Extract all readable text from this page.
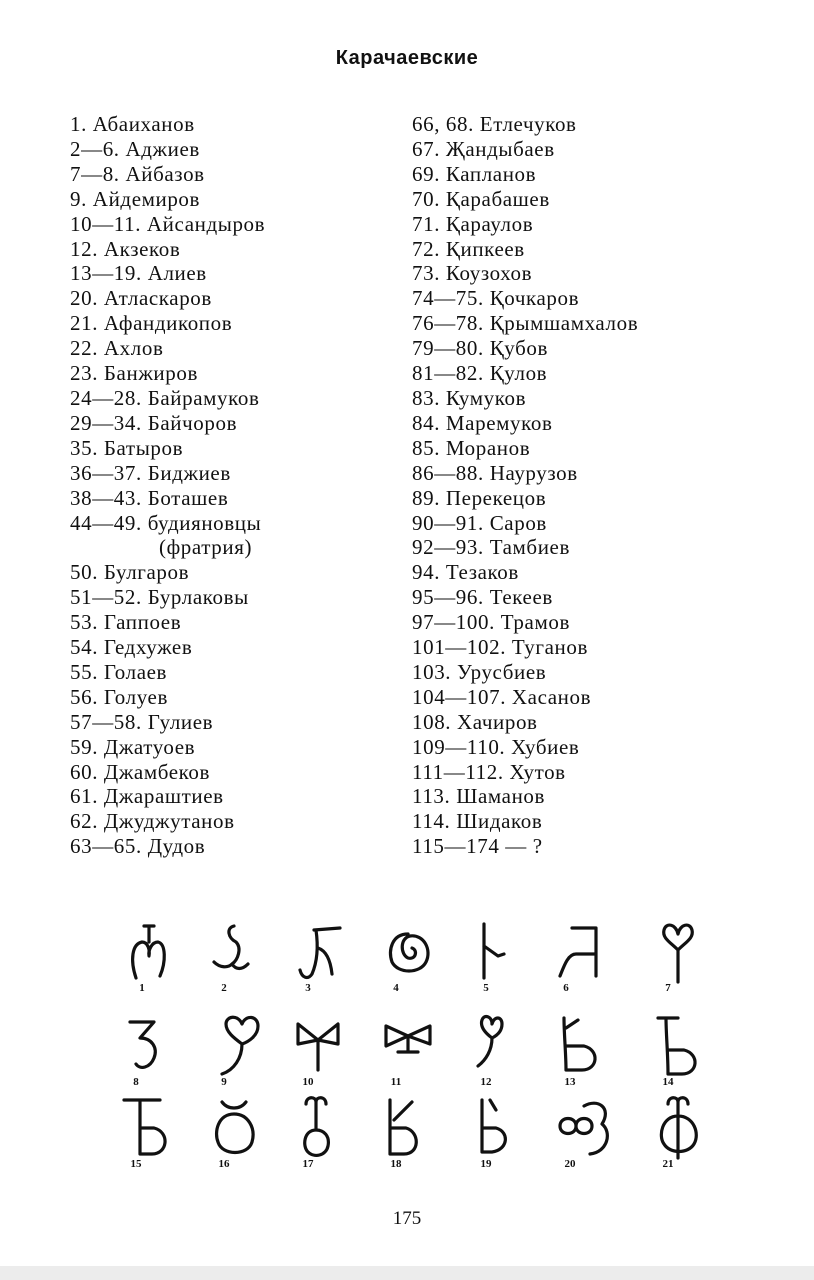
Карачаевские
1. Абаиханов
2—6. Аджиев
7—8. Айбазов
9. Айдемиров
10—11. Айсандыров
12. Акзеков
13—19. Алиев
20. Атласкаров
21. Афандикопов
22. Ахлов
23. Банжиров
24—28. Байрамуков
29—34. Байчоров
35. Батыров
36—37. Биджиев
38—43. Боташев
44—49. будияновцы
(фратрия)
50. Булгаров
51—52. Бурлаковы
53. Гаппоев
54. Гедхужев
55. Голаев
56. Голуев
57—58. Гулиев
59. Джатуоев
60. Джамбеков
61. Джараштиев
62. Джуджутанов
63—65. Дудов
66, 68. Етлечуков
67. Җандыбаев
69. Капланов
70. Қарабашев
71. Қараулов
72. Қипкеев
73. Коузохов
74—75. Қочкаров
76—78. Қрымшамхалов
79—80. Қубов
81—82. Қулов
83. Кумуков
84. Маремуков
85. Моранов
86—88. Наурузов
89. Перекецов
90—91. Саров
92—93. Тамбиев
94. Тезаков
95—96. Текеев
97—100. Трамов
101—102. Туганов
103. Урусбиев
104—107. Хасанов
108. Хачиров
109—110. Хубиев
111—112. Хутов
113. Шаманов
114. Шидаков
115—174 — ?
1	2	3	4	5	6	7
8	9	10	11	12	13	14
15	16	17	18	19	20	21
175
